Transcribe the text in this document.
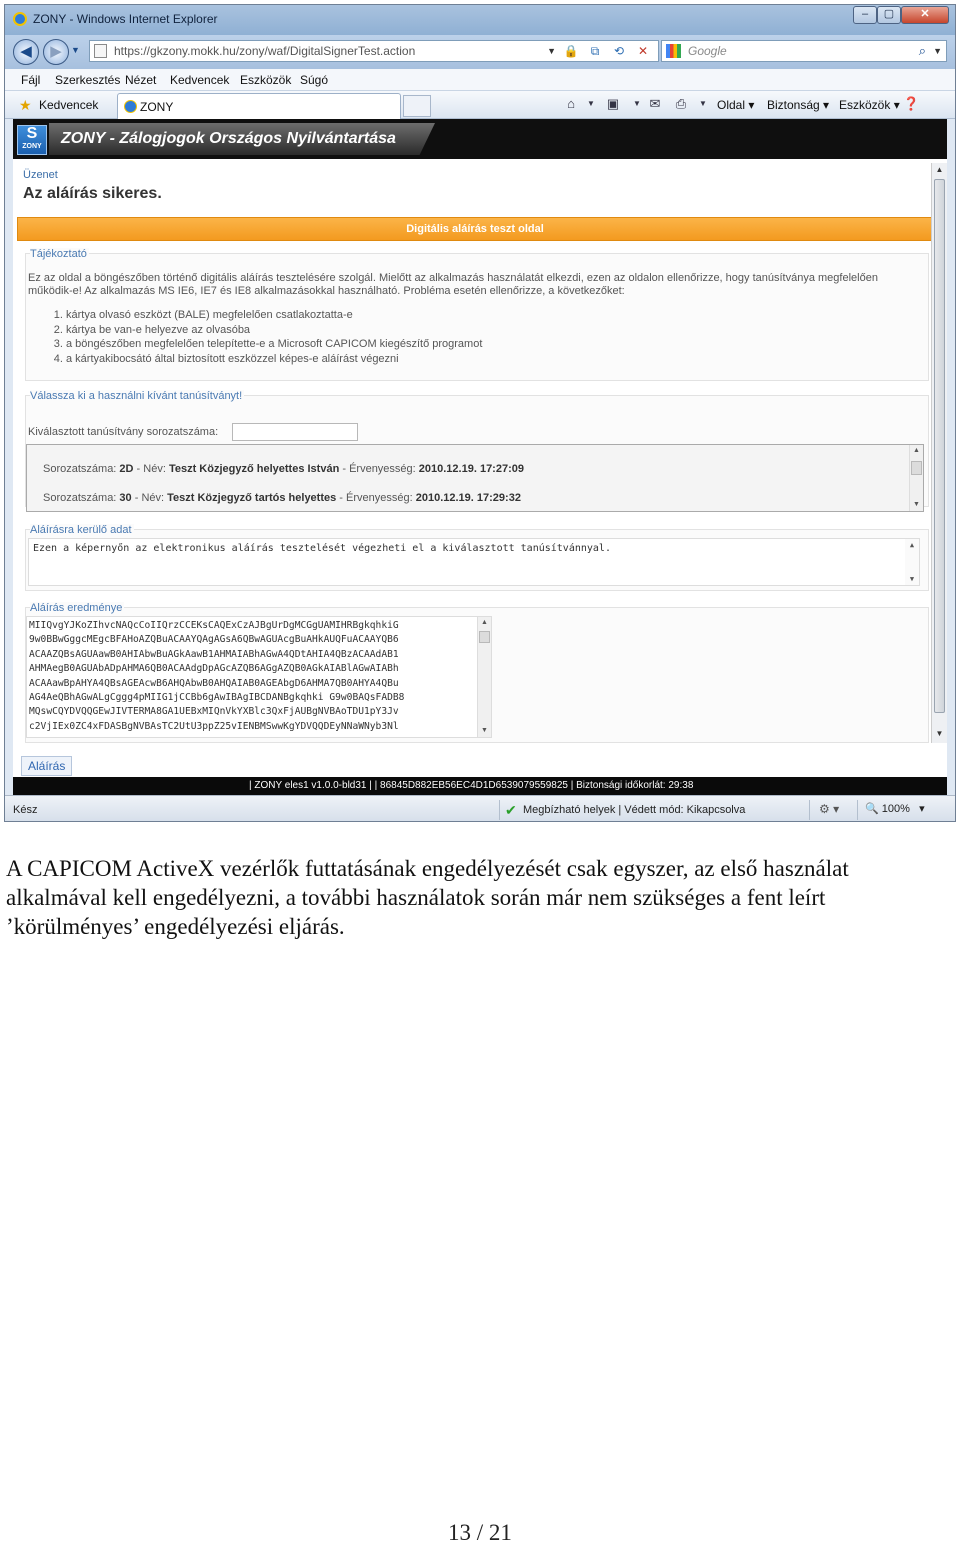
ZONY - Windows Internet Explorer	–	▢	✕
◀	▶	▼	https://gkzony.mokk.hu/zony/waf/DigitalSignerTest.action	▼ 🔒	⧉	⟲	✕	Google	⌕ ▼
Fájl Szerkesztés Nézet Kedvencek Eszközök Súgó
★ Kedvencek	ZONY	⌂	▼ ▣	▼ ✉ ⎙	▼ Oldal ▾ Biztonság ▾ Eszközök ▾ ❓
S
ZONY ZONY - Zálogjogok Országos Nyilvántartása
Üzenet
Az aláírás sikeres.
Digitális aláírás teszt oldal
Tájékoztató
Ez az oldal a böngészőben történő digitális aláírás tesztelésére szolgál. Mielőtt az alkalmazás használatát elkezdi, ezen az oldalon ellenőrizze, hogy tanúsítványa megfelelően működik-e! Az alkalmazás MS IE6, IE7 és IE8 alkalmazásokkal használható. Probléma esetén ellenőrizze, a következőket:
1. kártya olvasó eszközt (BALE) megfelelően csatlakoztatta-e
2. kártya be van-e helyezve az olvasóba
3. a böngészőben megfelelően telepítette-e a Microsoft CAPICOM kiegészítő programot
4. a kártyakibocsátó által biztosított eszközzel képes-e aláírást végezni
Válassza ki a használni kívánt tanúsítványt!
Kiválasztott tanúsítvány sorozatszáma:
Sorozatszáma: 2D - Név: Teszt Közjegyző helyettes István - Érvenyesség: 2010.12.19. 17:27:09
Sorozatszáma: 30 - Név: Teszt Közjegyző tartós helyettes - Érvenyesség: 2010.12.19. 17:29:32
▲
▼
Aláírásra kerülő adat
Ezen a képernyőn az elektronikus aláírás tesztelését végezheti el a kiválasztott tanúsítvánnyal.	▲
▼
Aláírás eredménye
MIIQvgYJKoZIhvcNAQcCoIIQrzCCEKsCAQExCzAJBgUrDgMCGgUAMIHRBgkqhkiG
9w0BBwGggcMEgcBFAHoAZQBuACAAYQAgAGsA6QBwAGUAcgBuAHkAUQFuACAAYQB6
ACAAZQBsAGUAawB0AHIAbwBuAGkAawB1AHMAIABhAGwA4QDtAHIA4QBzACAAdAB1
AHMAegB0AGUAbADpAHMA6QB0ACAAdgDpAGcAZQB6AGgAZQB0AGkAIABlAGwAIABh
ACAAawBpAHYA4QBsAGEAcwB6AHQAbwB0AHQAIAB0AGEAbgD6AHMA7QB0AHYA4QBu
AG4AeQBhAGwALgCggg4pMIIG1jCCBb6gAwIBAgIBCDANBgkqhki G9w0BAQsFADB8
MQswCQYDVQQGEwJIVTERMA8GA1UEBxMIQnVkYXBlc3QxFjAUBgNVBAoTDU1pY3Jv
c2VjIEx0ZC4xFDASBgNVBAsTC2UtU3ppZ25vIENBMSwwKgYDVQQDEyNNaWNyb3Nl
▲
▼
Aláírás
▲
▼
| ZONY eles1 v1.0.0-bld31 | | 86845D882EB56EC4D1D6539079559825 | Biztonsági időkorlát: 29:38
Kész	✔ Megbízható helyek | Védett mód: Kikapcsolva	⚙ ▾ 🔍 100%   ▾
A CAPICOM ActiveX vezérlők futtatásának engedélyezését csak egyszer, az első használat alkalmával kell engedélyezni, a további használatok során már nem szükséges a fent leírt ’körülményes’ engedélyezési eljárás.
13 / 21
